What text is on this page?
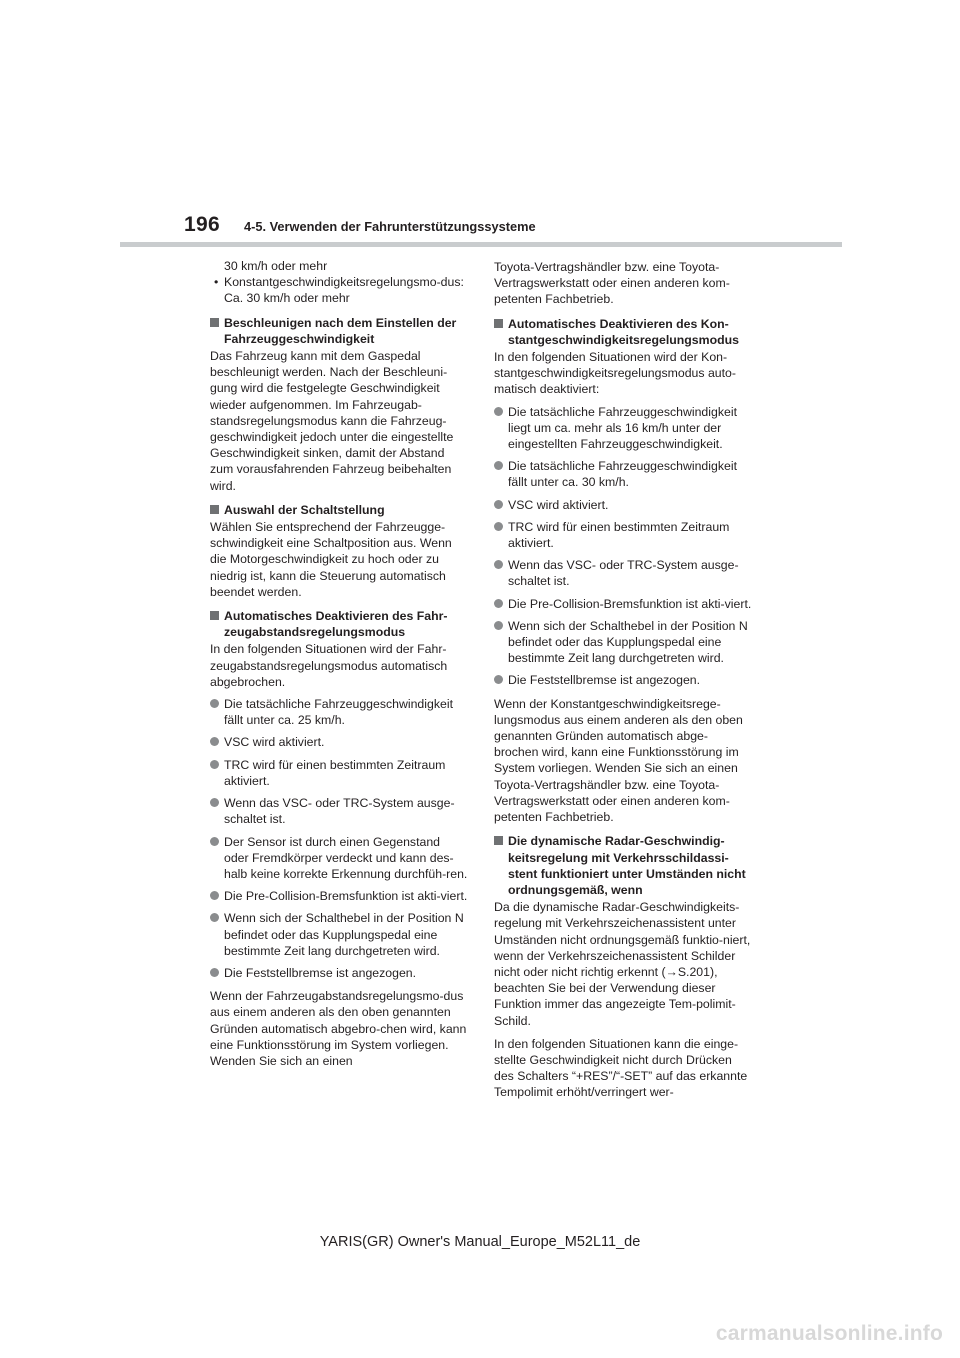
196 4-5. Verwenden der Fahrunterstützungssysteme
30 km/h oder mehr
• Konstantgeschwindigkeitsregelungsmo-dus: Ca. 30 km/h oder mehr
Beschleunigen nach dem Einstellen der Fahrzeuggeschwindigkeit
Das Fahrzeug kann mit dem Gaspedal beschleunigt werden. Nach der Beschleuni-gung wird die festgelegte Geschwindigkeit wieder aufgenommen. Im Fahrzeugab-standsregelungsmodus kann die Fahrzeug-geschwindigkeit jedoch unter die eingestellte Geschwindigkeit sinken, damit der Abstand zum vorausfahrenden Fahrzeug beibehalten wird.
Auswahl der Schaltstellung
Wählen Sie entsprechend der Fahrzeugge-schwindigkeit eine Schaltposition aus. Wenn die Motorgeschwindigkeit zu hoch oder zu niedrig ist, kann die Steuerung automatisch beendet werden.
Automatisches Deaktivieren des Fahr-zeugabstandsregelungsmodus
In den folgenden Situationen wird der Fahr-zeugabstandsregelungsmodus automatisch abgebrochen.
Die tatsächliche Fahrzeuggeschwindigkeit fällt unter ca. 25 km/h.
VSC wird aktiviert.
TRC wird für einen bestimmten Zeitraum aktiviert.
Wenn das VSC- oder TRC-System ausge-schaltet ist.
Der Sensor ist durch einen Gegenstand oder Fremdkörper verdeckt und kann des-halb keine korrekte Erkennung durchfüh-ren.
Die Pre-Collision-Bremsfunktion ist akti-viert.
Wenn sich der Schalthebel in der Position N befindet oder das Kupplungspedal eine bestimmte Zeit lang durchgetreten wird.
Die Feststellbremse ist angezogen.
Wenn der Fahrzeugabstandsregelungsmo-dus aus einem anderen als den oben genannten Gründen automatisch abgebro-chen wird, kann eine Funktionsstörung im System vorliegen. Wenden Sie sich an einen
Toyota-Vertragshändler bzw. eine Toyota-Vertragswerkstatt oder einen anderen kom-petenten Fachbetrieb.
Automatisches Deaktivieren des Kon-stantgeschwindigkeitsregelungsmodus
In den folgenden Situationen wird der Kon-stantgeschwindigkeitsregelungsmodus auto-matisch deaktiviert:
Die tatsächliche Fahrzeuggeschwindigkeit liegt um ca. mehr als 16 km/h unter der eingestellten Fahrzeuggeschwindigkeit.
Die tatsächliche Fahrzeuggeschwindigkeit fällt unter ca. 30 km/h.
VSC wird aktiviert.
TRC wird für einen bestimmten Zeitraum aktiviert.
Wenn das VSC- oder TRC-System ausge-schaltet ist.
Die Pre-Collision-Bremsfunktion ist akti-viert.
Wenn sich der Schalthebel in der Position N befindet oder das Kupplungspedal eine bestimmte Zeit lang durchgetreten wird.
Die Feststellbremse ist angezogen.
Wenn der Konstantgeschwindigkeitsrege-lungsmodus aus einem anderen als den oben genannten Gründen automatisch abge-brochen wird, kann eine Funktionsstörung im System vorliegen. Wenden Sie sich an einen Toyota-Vertragshändler bzw. eine Toyota-Vertragswerkstatt oder einen anderen kom-petenten Fachbetrieb.
Die dynamische Radar-Geschwindig-keitsregelung mit Verkehrsschildassi-stent funktioniert unter Umständen nicht ordnungsgemäß, wenn
Da die dynamische Radar-Geschwindigkeits-regelung mit Verkehrszeichenassistent unter Umständen nicht ordnungsgemäß funktio-niert, wenn der Verkehrszeichenassistent Schilder nicht oder nicht richtig erkennt (→S.201), beachten Sie bei der Verwendung dieser Funktion immer das angezeigte Tem-polimit-Schild.
In den folgenden Situationen kann die einge-stellte Geschwindigkeit nicht durch Drücken des Schalters “+RES”/“-SET” auf das erkannte Tempolimit erhöht/verringert wer-
YARIS(GR) Owner's Manual_Europe_M52L11_de
carmanualsonline.info
